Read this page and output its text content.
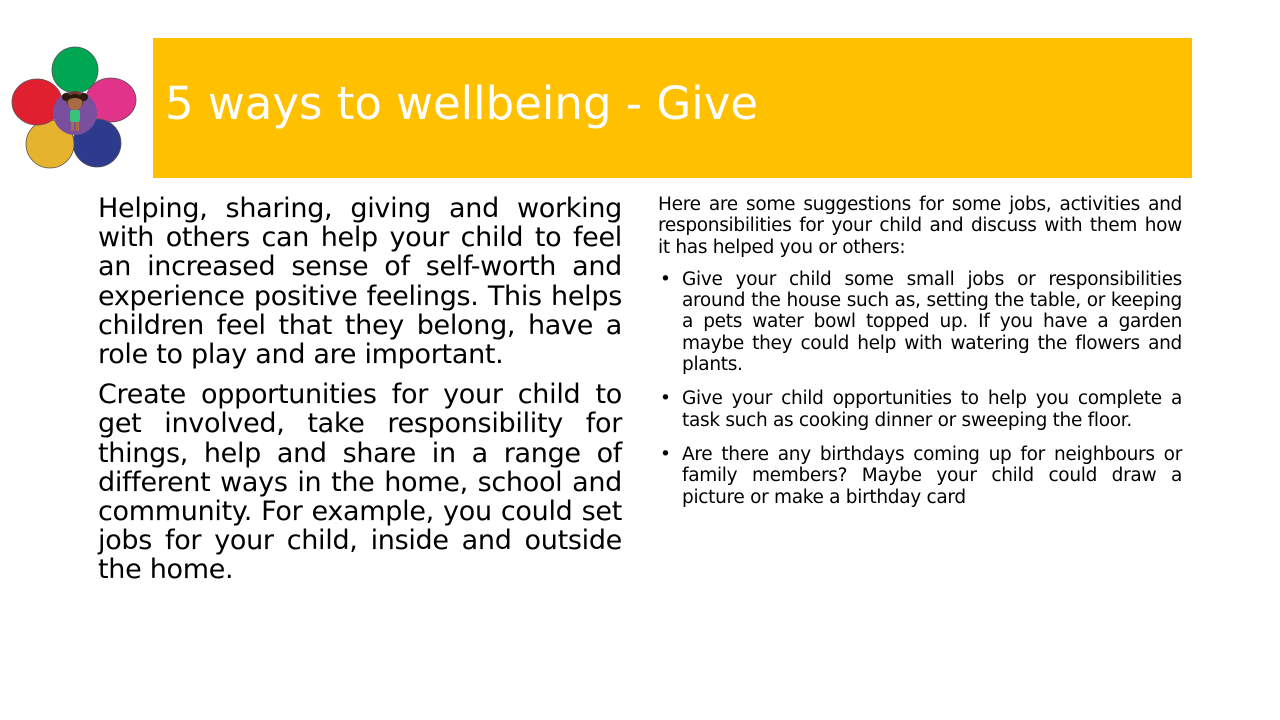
5 ways to wellbeing - Give

Helping, sharing, giving and working with others can help your child to feel an increased sense of self-worth and experience positive feelings. This helps children feel that they belong, have a role to play and are important.

Create opportunities for your child to get involved, take responsibility for things, help and share in a range of different ways in the home, school and community. For example, you could set jobs for your child, inside and outside the home.

Here are some suggestions for some jobs, activities and responsibilities for your child and discuss with them how it has helped you or others:

• Give your child some small jobs or responsibilities around the house such as, setting the table, or keeping a pets water bowl topped up. If you have a garden maybe they could help with watering the flowers and plants.
• Give your child opportunities to help you complete a task such as cooking dinner or sweeping the floor.
• Are there any birthdays coming up for neighbours or family members? Maybe your child could draw a picture or make a birthday card
